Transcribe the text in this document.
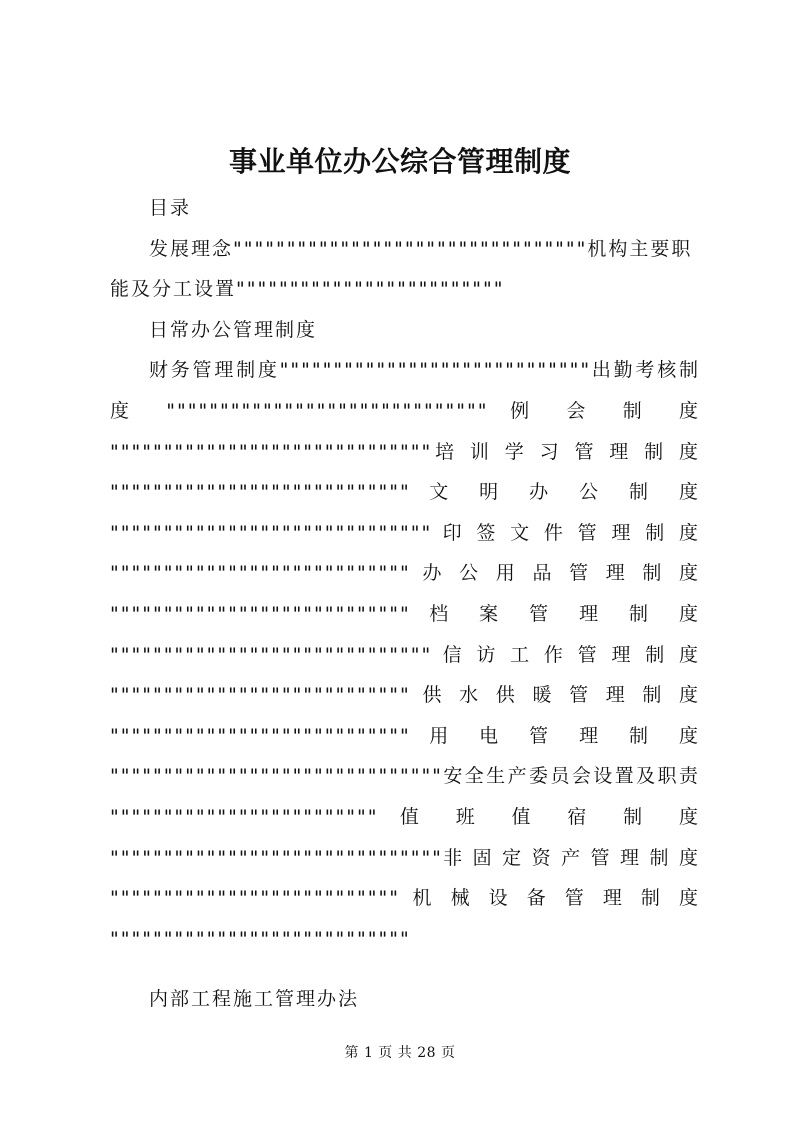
事业单位办公综合管理制度
目录
发展理念"""""""""""""""""""""""""""""""""机构主要职能及分工设置"""""""""""""""""""""""""
日常办公管理制度
财务管理制度"""""""""""""""""""""""""""""出勤考核制
度 """""""""""""""""""""""""""""" 例 会 制 度
""""""""""""""""""""""""""""""培 训 学 习 管 理 制 度
"""""""""""""""""""""""""""" 文 明 办 公 制 度
"""""""""""""""""""""""""""""" 印 签 文 件 管 理 制 度
"""""""""""""""""""""""""""" 办 公 用 品 管 理 制 度
"""""""""""""""""""""""""""" 档 案 管 理 制 度
"""""""""""""""""""""""""""""" 信 访 工 作 管 理 制 度
"""""""""""""""""""""""""""" 供 水 供 暖 管 理 制 度
"""""""""""""""""""""""""""" 用 电 管 理 制 度
"""""""""""""""""""""""""""""""安全生产委员会设置及职责
""""""""""""""""""""""""" 值 班 值 宿 制 度
"""""""""""""""""""""""""""""""非 固 定 资 产 管 理 制 度
""""""""""""""""""""""""""" 机 械 设 备 管 理 制 度
""""""""""""""""""""""""""""
内部工程施工管理办法
第 1 页 共 28 页
